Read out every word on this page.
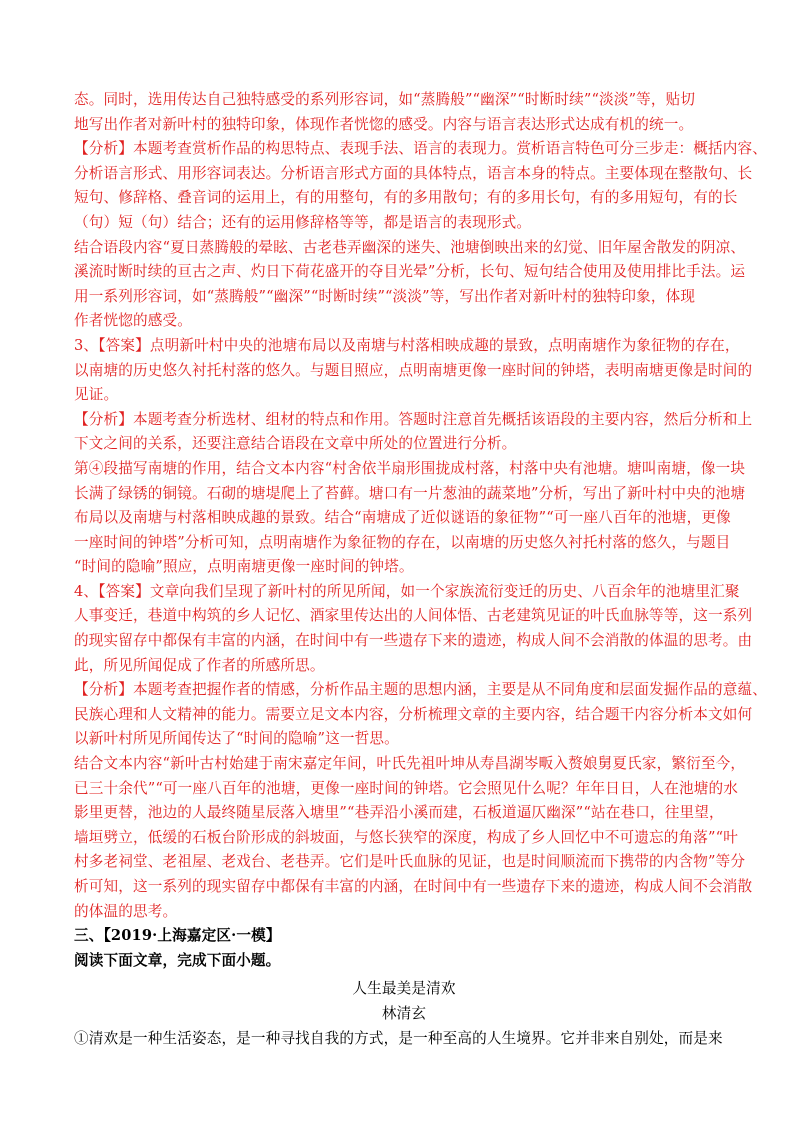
态。同时，选用传达自己独特感受的系列形容词，如“蒸腾般”“幽深”“时断时续”“淡淡”等，贴切
地写出作者对新叶村的独特印象，体现作者恍惚的感受。内容与语言表达形式达成有机的统一。
【分析】本题考查赏析作品的构思特点、表现手法、语言的表现力。赏析语言特色可分三步走：概括内容、
分析语言形式、用形容词表达。分析语言形式方面的具体特点，语言本身的特点。主要体现在整散句、长
短句、修辞格、叠音词的运用上，有的用整句，有的多用散句；有的多用长句，有的多用短句，有的长
（句）短（句）结合；还有的运用修辞格等等，都是语言的表现形式。
结合语段内容“夏日蒸腾般的晕眩、古老巷弄幽深的迷失、池塘倒映出来的幻觉、旧年屋舍散发的阴凉、
溪流时断时续的亘古之声、灼日下荷花盛开的夺目光晕”分析，长句、短句结合使用及使用排比手法。运
用一系列形容词，如“蒸腾般”“幽深”“时断时续”“淡淡”等，写出作者对新叶村的独特印象，体现
作者恍惚的感受。
3、【答案】点明新叶村中央的池塘布局以及南塘与村落相映成趣的景致，点明南塘作为象征物的存在，
以南塘的历史悠久衬托村落的悠久。与题目照应，点明南塘更像一座时间的钟塔，表明南塘更像是时间的
见证。
【分析】本题考查分析选材、组材的特点和作用。答题时注意首先概括该语段的主要内容，然后分析和上
下文之间的关系，还要注意结合语段在文章中所处的位置进行分析。
第④段描写南塘的作用，结合文本内容“村舍依半扇形围拢成村落，村落中央有池塘。塘叫南塘，像一块
长满了绿锈的铜镜。石砌的塘堤爬上了苔藓。塘口有一片葱油的蔬菜地”分析，写出了新叶村中央的池塘
布局以及南塘与村落相映成趣的景致。结合“南塘成了近似谜语的象征物”“可一座八百年的池塘，更像
一座时间的钟塔”分析可知，点明南塘作为象征物的存在，以南塘的历史悠久衬托村落的悠久，与题目
“时间的隐喻”照应，点明南塘更像一座时间的钟塔。
4、【答案】文章向我们呈现了新叶村的所见所闻，如一个家族流衍变迁的历史、八百余年的池塘里汇聚
人事变迁，巷道中构筑的乡人记忆、酒家里传达出的人间体悟、古老建筑见证的叶氏血脉等等，这一系列
的现实留存中都保有丰富的内涵，在时间中有一些遗存下来的遗迹，构成人间不会消散的体温的思考。由
此，所见所闻促成了作者的所感所思。
【分析】本题考查把握作者的情感，分析作品主题的思想内涵，主要是从不同角度和层面发掘作品的意蕴、
民族心理和人文精神的能力。需要立足文本内容，分析梳理文章的主要内容，结合题干内容分析本文如何
以新叶村所见所闻传达了“时间的隐喻”这一哲思。
结合文本内容“新叶古村始建于南宋嘉定年间，叶氏先祖叶坤从寿昌湖岑畈入赘娘舅夏氏家，繁衍至今，
已三十余代”“可一座八百年的池塘，更像一座时间的钟塔。它会照见什么呢？年年日日，人在池塘的水
影里更替，池边的人最终随星辰落入塘里”“巷弄沿小溪而建，石板道逼仄幽深”“站在巷口，往里望，
墙垣劈立，低缓的石板台阶形成的斜坡面，与悠长狭窄的深度，构成了乡人回忆中不可遗忘的角落”“叶
村多老祠堂、老祖屋、老戏台、老巷弄。它们是叶氏血脉的见证，也是时间顺流而下携带的内含物”等分
析可知，这一系列的现实留存中都保有丰富的内涵，在时间中有一些遗存下来的遗迹，构成人间不会消散
的体温的思考。
三、【2019·上海嘉定区·一模】
阅读下面文章，完成下面小题。
人生最美是清欢
林清玄
①清欢是一种生活姿态，是一种寻找自我的方式，是一种至高的人生境界。它并非来自别处，而是来
